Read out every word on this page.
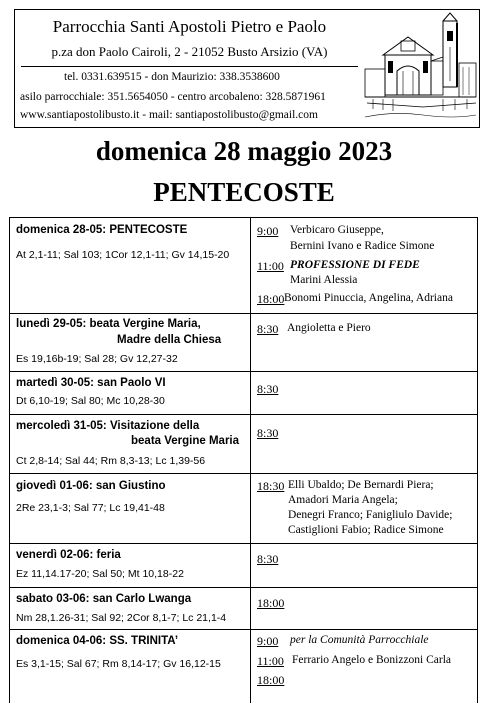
Parrocchia Santi Apostoli Pietro e Paolo
p.za don Paolo Cairoli, 2 - 21052 Busto Arsizio (VA)
tel. 0331.639515 - don Maurizio: 338.3538600
asilo parrocchiale: 351.5654050 - centro arcobaleno: 328.5871961
www.santiapostolibusto.it - mail: santiapostolibusto@gmail.com
domenica 28 maggio 2023
PENTECOSTE
domenica 28-05: PENTECOSTE
At 2,1-11; Sal 103; 1Cor 12,1-11; Gv 14,15-20
9:00 Verbicaro Giuseppe,
Bernini Ivano e Radice Simone
11:00 PROFESSIONE DI FEDE
Marini Alessia
18:00 Bonomi Pinuccia, Angelina, Adriana
lunedì 29-05: beata Vergine Maria,
Madre della Chiesa
Es 19,16b-19; Sal 28; Gv 12,27-32
8:30 Angioletta e Piero
martedì 30-05: san Paolo VI
Dt 6,10-19; Sal 80; Mc 10,28-30
8:30
mercoledì 31-05: Visitazione della
beata Vergine Maria
Ct 2,8-14; Sal 44; Rm 8,3-13; Lc 1,39-56
8:30
giovedì 01-06: san Giustino
2Re 23,1-3; Sal 77; Lc 19,41-48
18:30 Elli Ubaldo; De Bernardi Piera;
Amadori Maria Angela;
Denegri Franco; Fanigliulo Davide;
Castiglioni Fabio; Radice Simone
venerdì 02-06: feria
Ez 11,14.17-20; Sal 50; Mt 10,18-22
8:30
sabato 03-06: san Carlo Lwanga
Nm 28,1.26-31; Sal 92; 2Cor 8,1-7; Lc 21,1-4
18:00
domenica 04-06: SS. TRINITA’
Es 3,1-15; Sal 67; Rm 8,14-17; Gv 16,12-15
9:00 per la Comunità Parrocchiale
11:00 Ferrario Angelo e Bonizzoni Carla
18:00
